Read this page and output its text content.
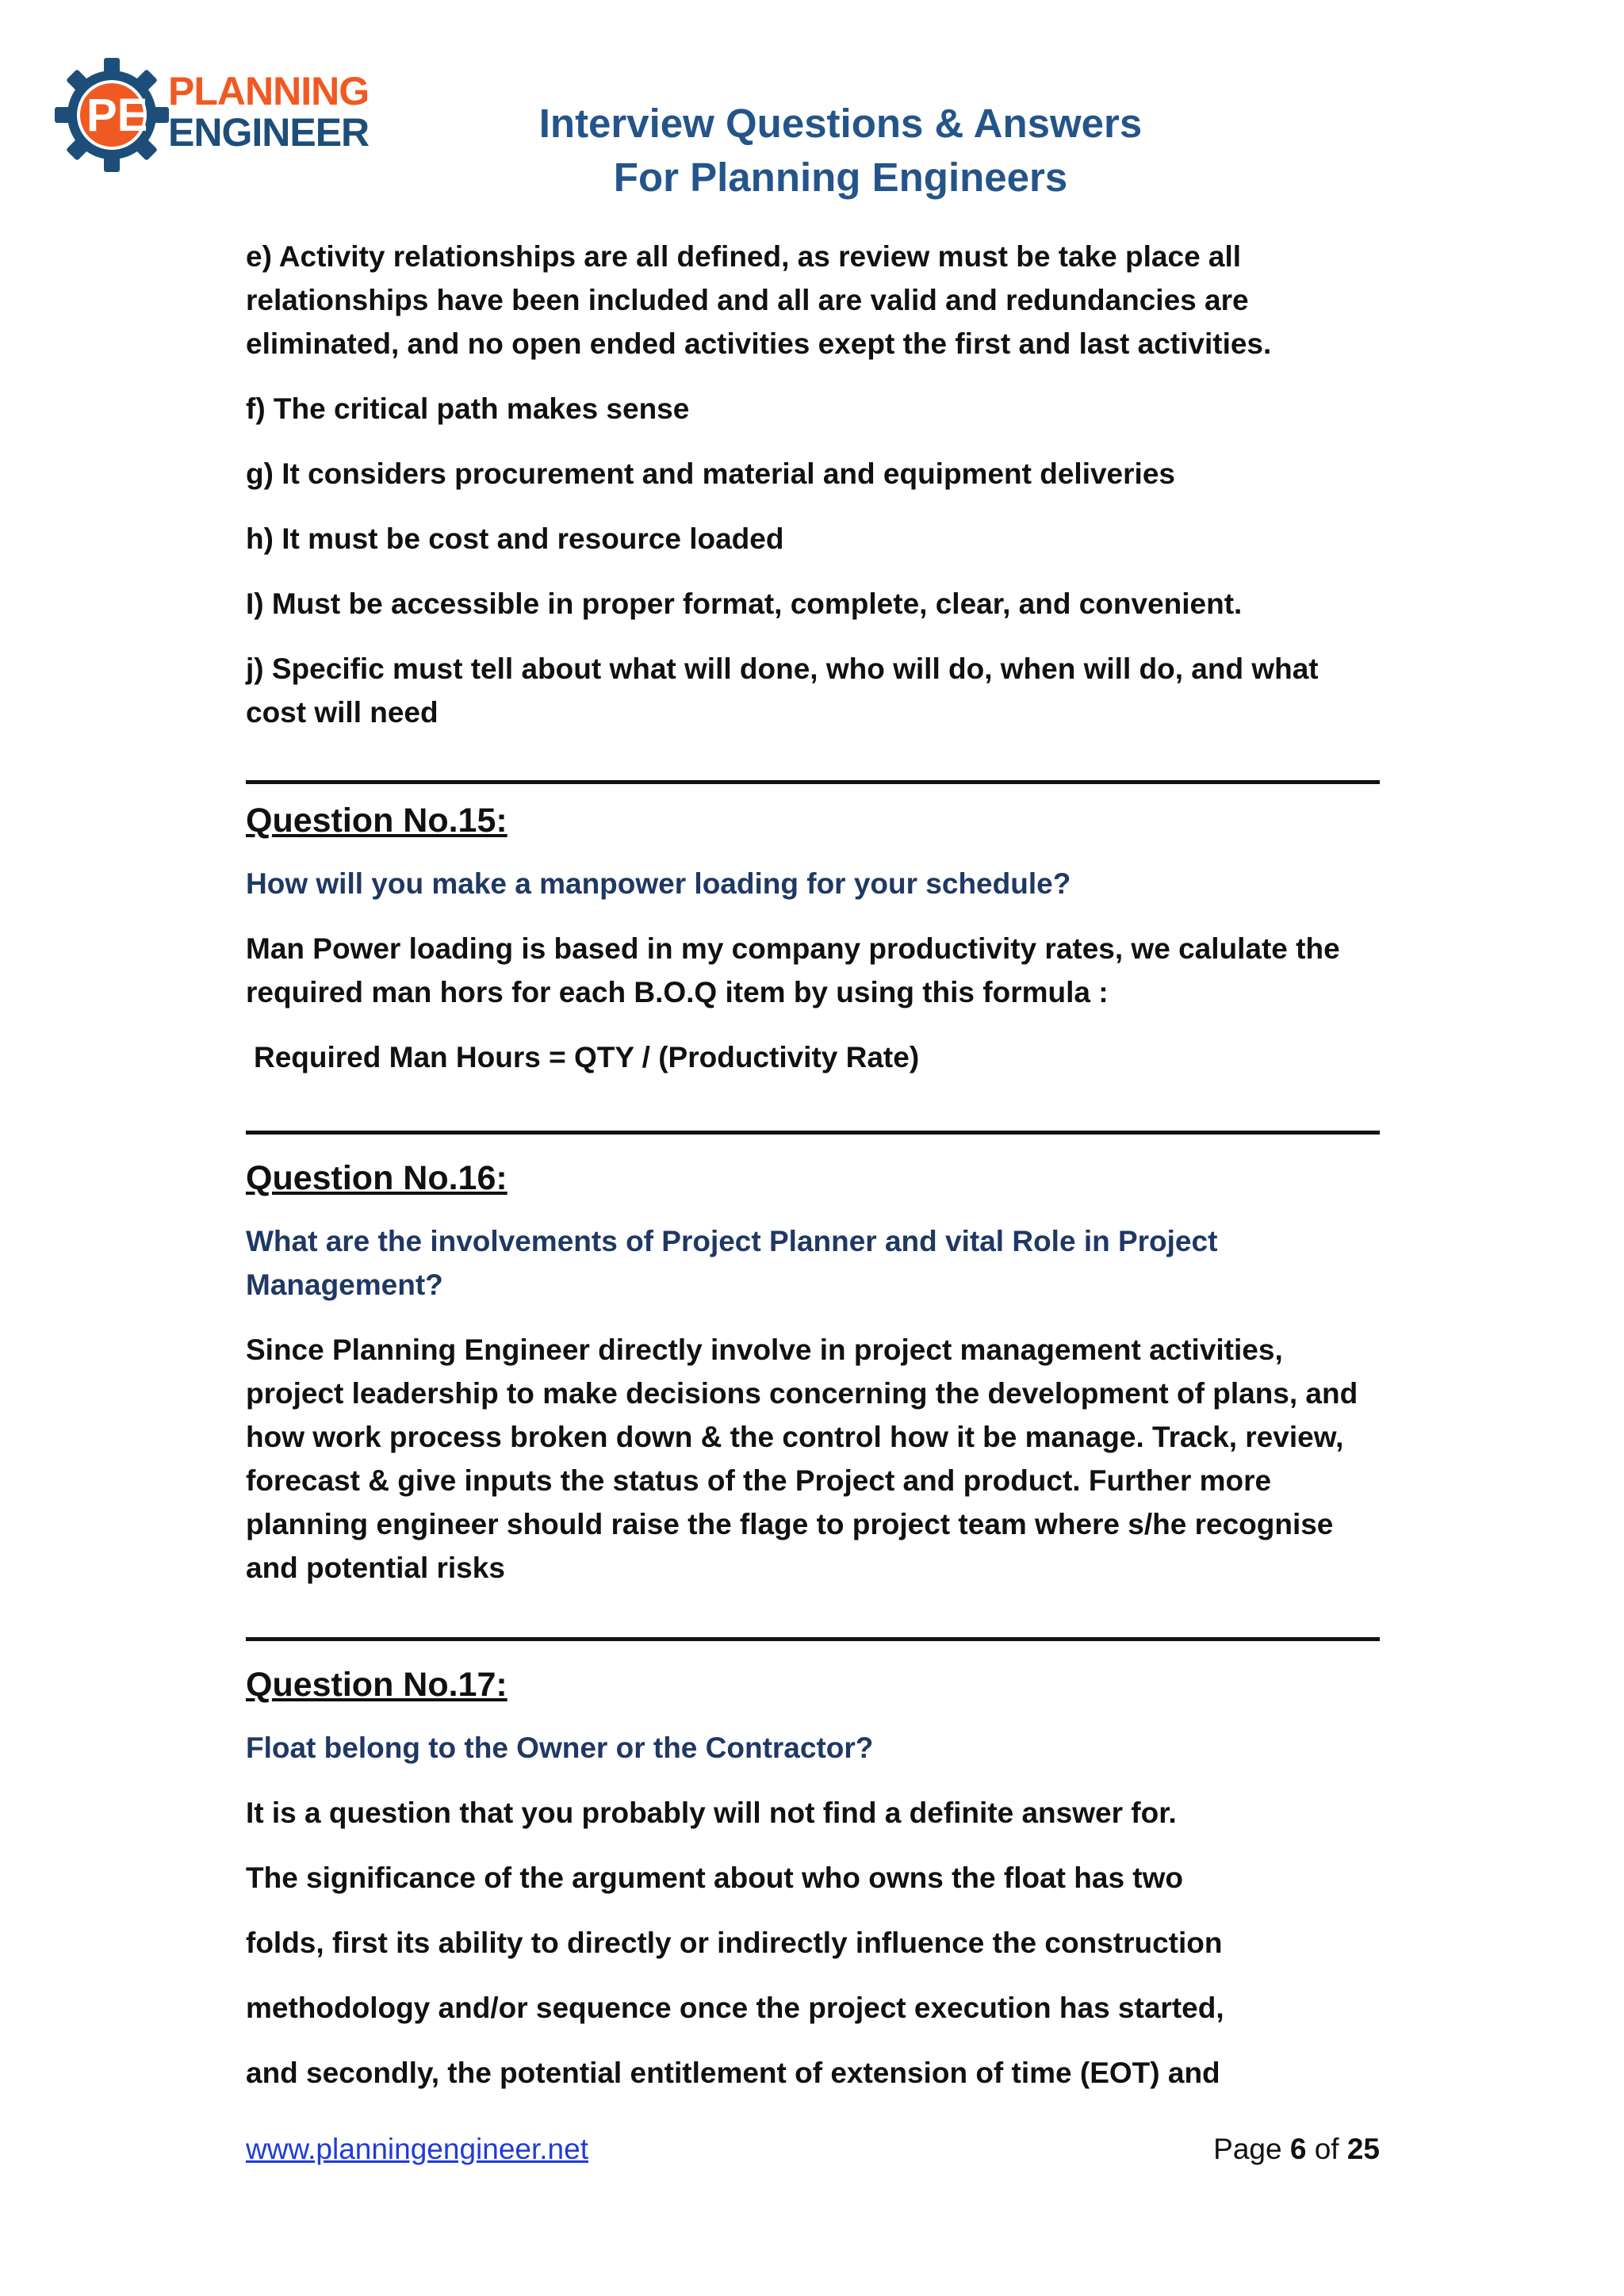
PE PLANNING
ENGINEER	Interview Questions & Answers
For Planning Engineers

e) Activity relationships are all defined, as review must be take place all relationships have been included and all are valid and redundancies are eliminated, and no open ended activities exept the first and last activities.

f) The critical path makes sense

g) It considers procurement and material and equipment deliveries

h) It must be cost and resource loaded

I) Must be accessible in proper format, complete, clear, and convenient.

j) Specific must tell about what will done, who will do, when will do, and what cost will need

Question No.15:

How will you make a manpower loading for your schedule?

Man Power loading is based in my company productivity rates, we calulate the required man hors for each B.O.Q item by using this formula :

Required Man Hours = QTY / (Productivity Rate)

Question No.16:

What are the involvements of Project Planner and vital Role in Project Management?

Since Planning Engineer directly involve in project management activities, project leadership to make decisions concerning the development of plans, and how work process broken down & the control how it be manage. Track, review, forecast & give inputs the status of the Project and product. Further more planning engineer should raise the flage to project team where s/he recognise and potential risks

Question No.17:

Float belong to the Owner or the Contractor?

It is a question that you probably will not find a definite answer for.

The significance of the argument about who owns the float has two

folds, first its ability to directly or indirectly influence the construction

methodology and/or sequence once the project execution has started,

and secondly, the potential entitlement of extension of time (EOT) and

www.planningengineer.net	Page 6 of 25
